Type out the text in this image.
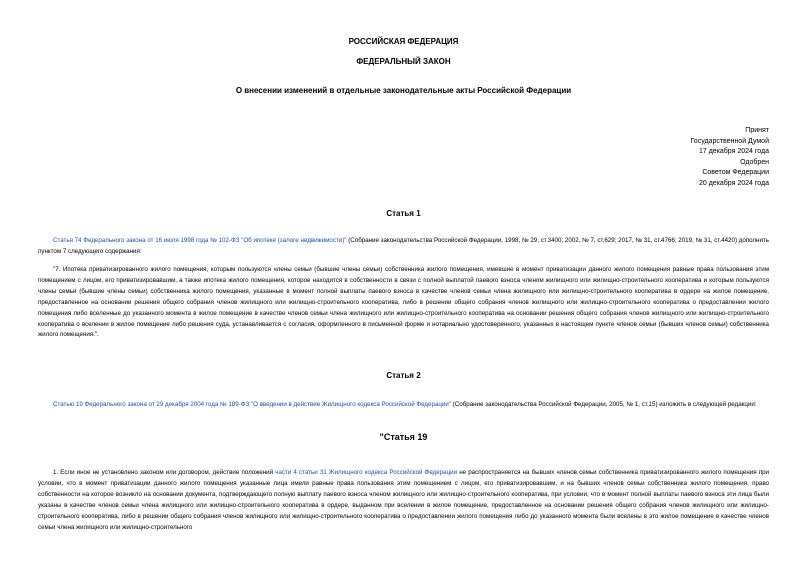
РОССИЙСКАЯ ФЕДЕРАЦИЯ
ФЕДЕРАЛЬНЫЙ ЗАКОН
О внесении изменений в отдельные законодательные акты Российской Федерации
Принят
Государственной Думой
17 декабря 2024 года
Одобрен
Советом Федерации
20 декабря 2024 года
Статья 1
Статья 74 Федерального закона от 16 июля 1998 года № 102-ФЗ "Об ипотеке (залоге недвижимости)" (Собрание законодательства Российской Федерации, 1998, № 29, ст.3400; 2002, № 7, ст.629; 2017, № 31, ст.4766; 2019, № 31, ст.4420) дополнить пунктом 7 следующего содержания:
"7. Ипотека приватизированного жилого помещения, которым пользуются члены семьи (бывшие члены семьи) собственника жилого помещения, имевшие в момент приватизации данного жилого помещения равные права пользования этим помещением с лицом, его приватизировавшим, а также ипотека жилого помещения, которое находится в собственности в связи с полной выплатой паевого взноса членом жилищного или жилищно-строительного кооператива и которым пользуются члены семьи (бывшие члены семьи) собственника жилого помещения, указанные в момент полной выплаты паевого взноса в качестве членов семьи члена жилищного или жилищно-строительного кооператива в ордере на жилое помещение, предоставленное на основании решения общего собрания членов жилищного или жилищно-строительного кооператива, либо в решении общего собрания членов жилищного или жилищно-строительного кооператива о предоставлении жилого помещения либо вселенные до указанного момента в жилое помещение в качестве членов семьи члена жилищного или жилищно-строительного кооператива на основании решения общего собрания членов жилищного или жилищно-строительного кооператива о вселении в жилое помещение либо решения суда, устанавливается с согласия, оформленного в письменной форме и нотариально удостоверенного, указанных в настоящем пункте членов семьи (бывших членов семьи) собственника жилого помещения.".
Статья 2
Статью 19 Федерального закона от 29 декабря 2004 года № 189-ФЗ "О введении в действие Жилищного кодекса Российской Федерации" (Собрание законодательства Российской Федерации, 2005, № 1, ст.15) изложить в следующей редакции:
"Статья 19
1. Если иное не установлено законом или договором, действие положений части 4 статьи 31 Жилищного кодекса Российской Федерации не распространяется на бывших членов семьи собственника приватизированного жилого помещения при условии, что в момент приватизации данного жилого помещения указанные лица имели равные права пользования этим помещением с лицом, его приватизировавшим, и на бывших членов семьи собственника жилого помещения, право собственности на которое возникло на основании документа, подтверждающего полную выплату паевого взноса членом жилищного или жилищно-строительного кооператива, при условии, что в момент полной выплаты паевого взноса эти лица были указаны в качестве членов семьи члена жилищного или жилищно-строительного кооператива в ордере, выданном при вселении в жилое помещение, предоставленное на основании решения общего собрания членов жилищного или жилищно-строительного кооператива, либо в решении общего собрания членов жилищного или жилищно-строительного кооператива о предоставлении жилого помещения либо до указанного момента были вселены в это жилое помещение в качестве членов семьи члена жилищного или жилищно-строительного
